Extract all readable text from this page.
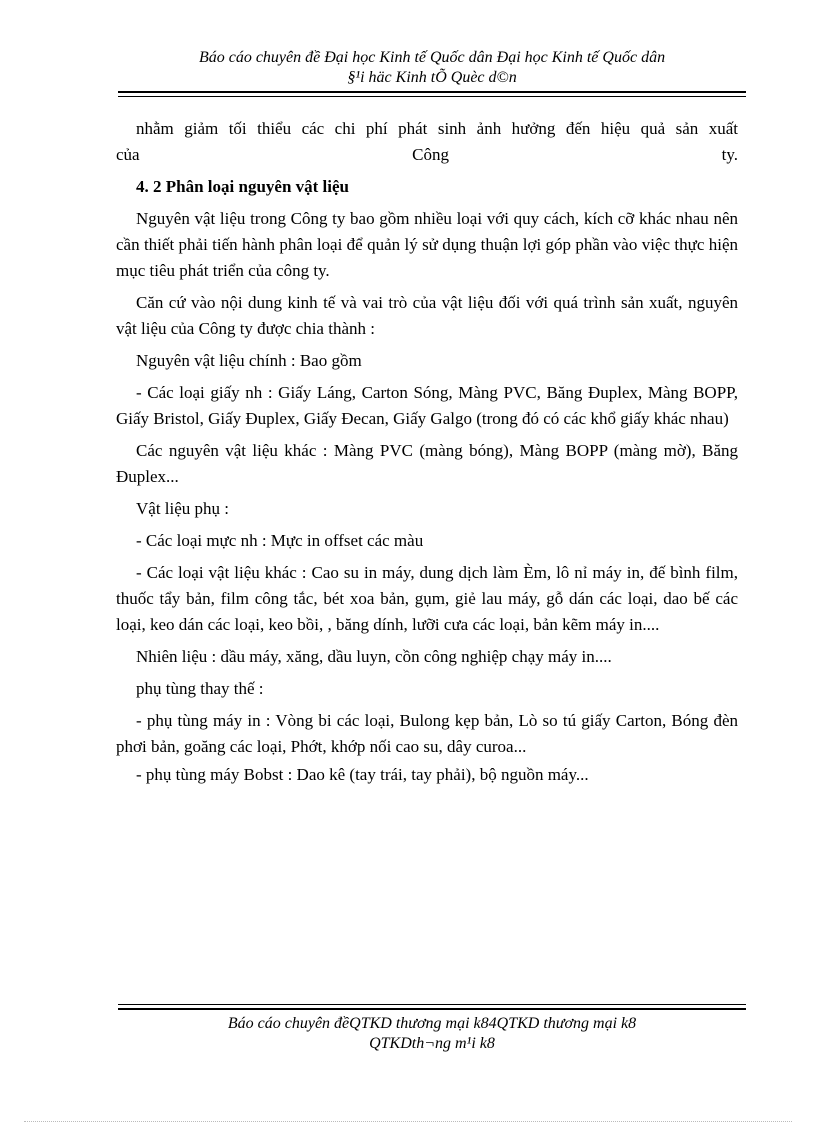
Báo cáo chuyên đề Đại học Kinh tế Quốc dân Đại học Kinh tế Quốc dân
§¹i häc Kinh tÕ Quèc d©n

nhằm giảm tối thiểu các chi phí phát sinh ảnh hưởng đến hiệu quả sản xuất

của Công ty.

4. 2 Phân loại nguyên vật liệu

Nguyên vật liệu trong Công ty bao gồm nhiều loại với quy cách, kích cỡ khác nhau nên cần thiết phải tiến hành phân loại để quản lý sử dụng thuận lợi góp phần vào việc thực hiện mục tiêu phát triển của công ty.

Căn cứ vào nội dung kinh tế và vai trò của vật liệu đối với quá trình sản xuất, nguyên vật liệu của Công ty được chia thành :

Nguyên vật liệu chính : Bao gồm

- Các loại giấy nh : Giấy Láng, Carton Sóng, Màng PVC, Băng Đuplex, Màng BOPP, Giấy Bristol, Giấy Đuplex, Giấy Đecan, Giấy Galgo (trong đó có các khổ giấy khác nhau)

Các nguyên vật liệu khác : Màng PVC (màng bóng), Màng BOPP (màng mờ), Băng Đuplex...

Vật liệu phụ :

- Các loại mực nh : Mực in offset các màu

- Các loại vật liệu khác : Cao su in máy, dung dịch làm Èm, lô nỉ máy in, đế bình film, thuốc tẩy bản, film công tắc, bét xoa bản, gụm, giẻ lau máy, gỗ dán các loại, dao bế các loại, keo dán các loại, keo bồi, , băng dính, lưỡi cưa các loại, bản kẽm máy in....

Nhiên liệu : dầu máy, xăng, dầu luyn, cồn công nghiệp chạy máy in....

phụ tùng thay thế :

- phụ tùng máy in : Vòng bi các loại, Bulong kẹp bản, Lò so tú giấy Carton, Bóng đèn phơi bản, goăng các loại, Phớt, khớp nối cao su, dây curoa...

- phụ tùng máy Bobst : Dao kê (tay trái, tay phải), bộ nguồn máy...

Báo cáo chuyên đềQTKD thương mại k84QTKD thương mại k8
QTKDth¬ng m¹i k8
